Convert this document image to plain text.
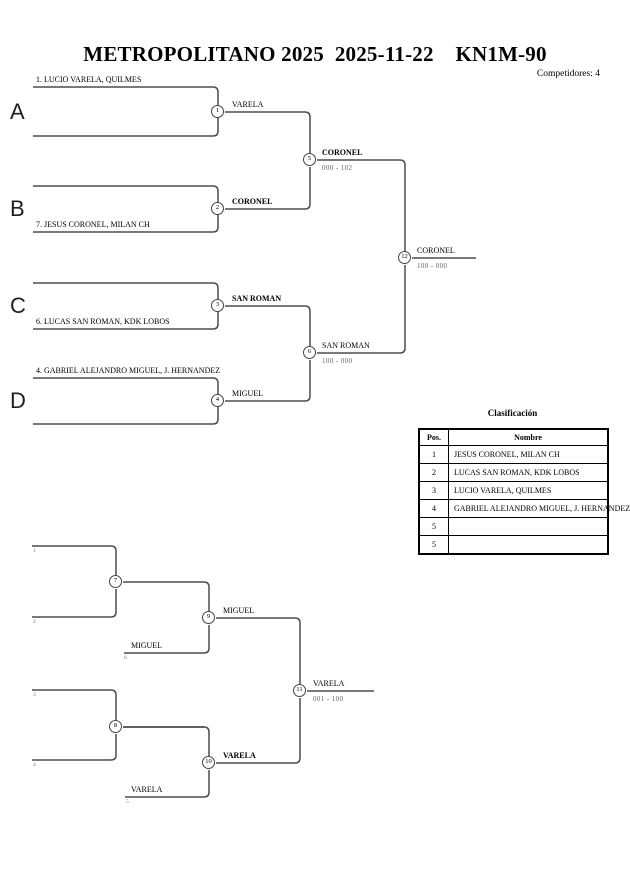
METROPOLITANO 2025  2025-11-22    KN1M-90
Competidores: 4
A
B
C
D
1. LUCIO VARELA, QUILMES
7. JESUS CORONEL, MILAN CH
6. LUCAS SAN ROMAN, KDK LOBOS
4. GABRIEL ALEJANDRO MIGUEL, J. HERNANDEZ
VARELA
CORONEL
SAN ROMAN
MIGUEL
CORONEL
000 - 102
SAN ROMAN
100 - 000
CORONEL
100 - 000
MIGUEL
VARELA
VARELA
001 - 100
MIGUEL
VARELA
1
2
3
4
6
5
1
2
3
4
5
6
12
7
9
8
10
11
Clasificación
Pos.	Nombre
1	JESUS CORONEL, MILAN CH
2	LUCAS SAN ROMAN, KDK LOBOS
3	LUCIO VARELA, QUILMES
4	GABRIEL ALEJANDRO MIGUEL, J. HERNANDEZ
5
5
